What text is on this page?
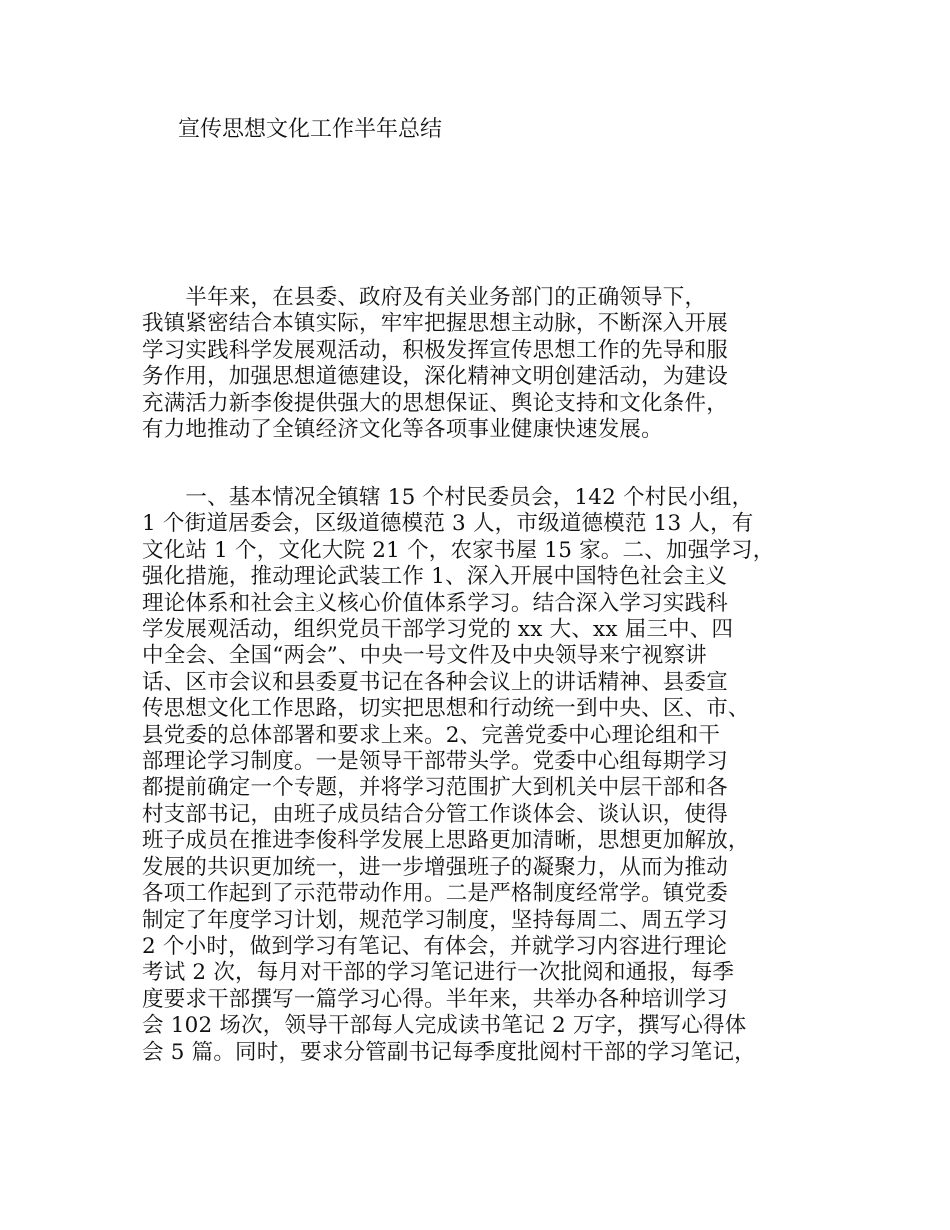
宣传思想文化工作半年总结
　　半年来，在县委、政府及有关业务部门的正确领导下，
我镇紧密结合本镇实际，牢牢把握思想主动脉，不断深入开展
学习实践科学发展观活动，积极发挥宣传思想工作的先导和服
务作用，加强思想道德建设，深化精神文明创建活动，为建设
充满活力新李俊提供强大的思想保证、舆论支持和文化条件，
有力地推动了全镇经济文化等各项事业健康快速发展。
　　一、基本情况全镇辖 15 个村民委员会，142 个村民小组，
1 个街道居委会，区级道德模范 3 人，市级道德模范 13 人，有
文化站 1 个，文化大院 21 个，农家书屋 15 家。二、加强学习，
强化措施，推动理论武装工作 1、深入开展中国特色社会主义
理论体系和社会主义核心价值体系学习。结合深入学习实践科
学发展观活动，组织党员干部学习党的 xx 大、xx 届三中、四
中全会、全国“两会”、中央一号文件及中央领导来宁视察讲
话、区市会议和县委夏书记在各种会议上的讲话精神、县委宣
传思想文化工作思路，切实把思想和行动统一到中央、区、市、
县党委的总体部署和要求上来。2、完善党委中心理论组和干
部理论学习制度。一是领导干部带头学。党委中心组每期学习
都提前确定一个专题，并将学习范围扩大到机关中层干部和各
村支部书记，由班子成员结合分管工作谈体会、谈认识，使得
班子成员在推进李俊科学发展上思路更加清晰，思想更加解放，
发展的共识更加统一，进一步增强班子的凝聚力，从而为推动
各项工作起到了示范带动作用。二是严格制度经常学。镇党委
制定了年度学习计划，规范学习制度，坚持每周二、周五学习
2 个小时，做到学习有笔记、有体会，并就学习内容进行理论
考试 2 次，每月对干部的学习笔记进行一次批阅和通报，每季
度要求干部撰写一篇学习心得。半年来，共举办各种培训学习
会 102 场次，领导干部每人完成读书笔记 2 万字，撰写心得体
会 5 篇。同时，要求分管副书记每季度批阅村干部的学习笔记，
